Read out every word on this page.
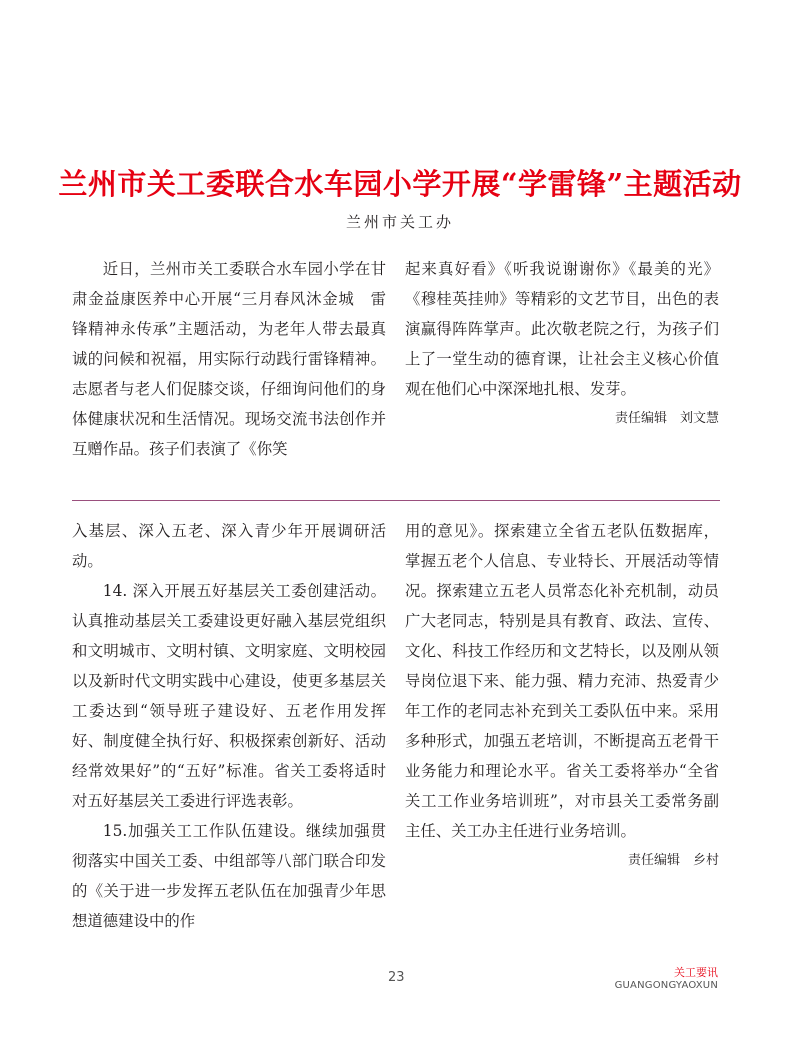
兰州市关工委联合水车园小学开展“学雷锋”主题活动
兰州市关工办

近日，兰州市关工委联合水车园小学在甘肃金益康医养中心开展“三月春风沐金城　雷锋精神永传承”主题活动，为老年人带去最真诚的问候和祝福，用实际行动践行雷锋精神。志愿者与老人们促膝交谈，仔细询问他们的身体健康状况和生活情况。现场交流书法创作并互赠作品。孩子们表演了《你笑

起来真好看》《听我说谢谢你》《最美的光》《穆桂英挂帅》等精彩的文艺节目，出色的表演赢得阵阵掌声。此次敬老院之行，为孩子们上了一堂生动的德育课，让社会主义核心价值观在他们心中深深地扎根、发芽。

责任编辑　刘文慧

入基层、深入五老、深入青少年开展调研活动。

14. 深入开展五好基层关工委创建活动。认真推动基层关工委建设更好融入基层党组织和文明城市、文明村镇、文明家庭、文明校园以及新时代文明实践中心建设，使更多基层关工委达到“领导班子建设好、五老作用发挥好、制度健全执行好、积极探索创新好、活动经常效果好”的“五好”标准。省关工委将适时对五好基层关工委进行评选表彰。

15.加强关工工作队伍建设。继续加强贯彻落实中国关工委、中组部等八部门联合印发的《关于进一步发挥五老队伍在加强青少年思想道德建设中的作

用的意见》。探索建立全省五老队伍数据库，掌握五老个人信息、专业特长、开展活动等情况。探索建立五老人员常态化补充机制，动员广大老同志，特别是具有教育、政法、宣传、文化、科技工作经历和文艺特长，以及刚从领导岗位退下来、能力强、精力充沛、热爱青少年工作的老同志补充到关工委队伍中来。采用多种形式，加强五老培训，不断提高五老骨干业务能力和理论水平。省关工委将举办“全省关工工作业务培训班”，对市县关工委常务副主任、关工办主任进行业务培训。

责任编辑　乡村

23	关工要讯
GUANGONGYAOXUN
